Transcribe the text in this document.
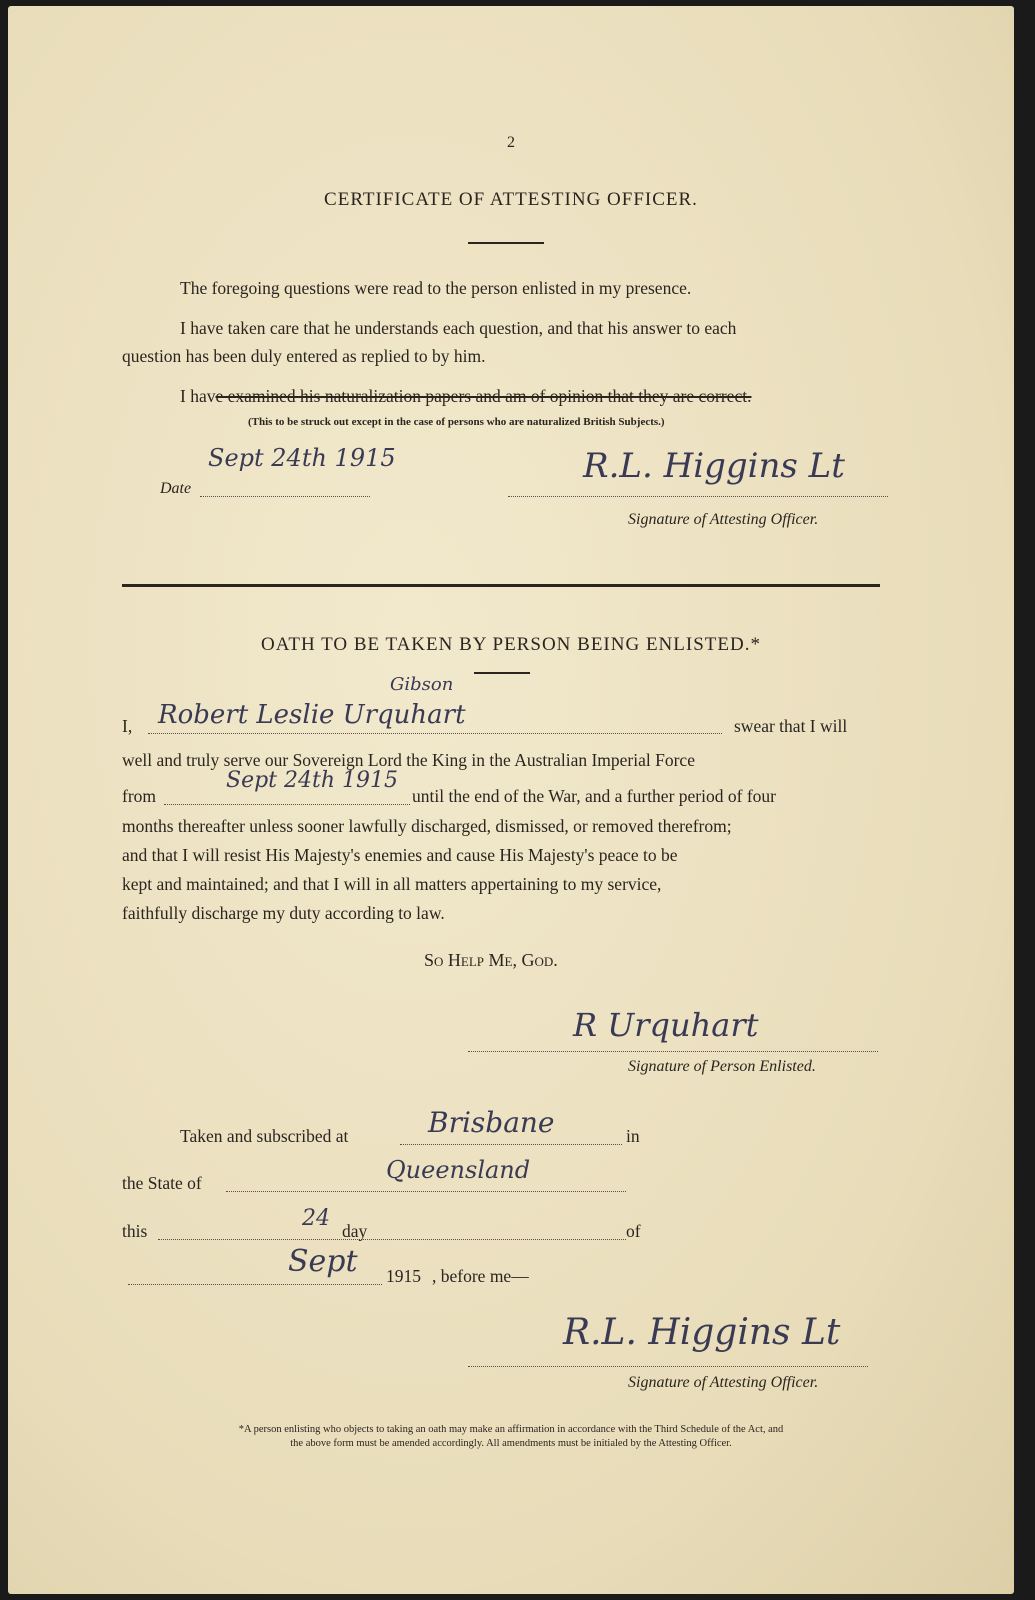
2
CERTIFICATE OF ATTESTING OFFICER.
The foregoing questions were read to the person enlisted in my presence.
I have taken care that he understands each question, and that his answer to each
question has been duly entered as replied to by him.
I have examined his naturalization papers and am of opinion that they are correct.
(This to be struck out except in the case of persons who are naturalized British Subjects.)
Date
Sept 24th 1915	R.L. Higgins Lt
Signature of Attesting Officer.
OATH TO BE TAKEN BY PERSON BEING ENLISTED.*
I,
Gibson
Robert Leslie Urquhart	swear that I will
well and truly serve our Sovereign Lord the King in the Australian Imperial Force
from
Sept 24th 1915
until the end of the War, and a further period of four
months thereafter unless sooner lawfully discharged, dismissed, or removed therefrom;
and that I will resist His Majesty's enemies and cause His Majesty's peace to be
kept and maintained; and that I will in all matters appertaining to my service,
faithfully discharge my duty according to law.
So Help Me, God.
R Urquhart
Signature of Person Enlisted.
Taken and subscribed at	Brisbane	in
the State of	Queensland
this	24 day	of
Sept 1915 , before me—
R.L. Higgins Lt
Signature of Attesting Officer.
*A person enlisting who objects to taking an oath may make an affirmation in accordance with the Third Schedule of the Act, and
the above form must be amended accordingly. All amendments must be initialed by the Attesting Officer.
